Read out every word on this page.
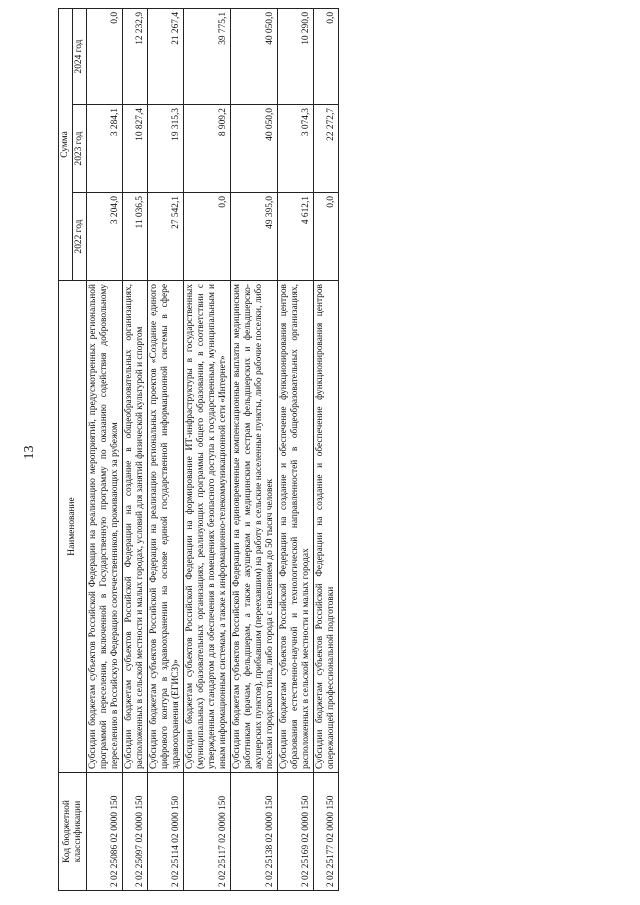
13
Код бюджетной классификации	Наименование	Сумма		
		2022 год	2023 год	2024 год
2 02 25086 02 0000 150	Субсидии бюджетам субъектов Российской Федерации на реализацию мероприятий, предусмотренных региональной программой переселения, включенной в Государственную программу по оказанию содействия добровольному переселению в Российскую Федерацию соотечественников, проживающих за рубежом	3 204,0	3 284,1	0,0
2 02 25097 02 0000 150	Субсидии бюджетам субъектов Российской Федерации на создание в общеобразовательных организациях, расположенных в сельской местности и малых городах, условий для занятий физической культурой и спортом	11 036,5	10 827,4	12 232,9
2 02 25114 02 0000 150	Субсидии бюджетам субъектов Российской Федерации на реализацию региональных проектов «Создание единого цифрового контура в здравоохранении на основе единой государственной информационной системы в сфере здравоохранения (ЕГИСЗ)»	27 542,1	19 315,3	21 267,4
2 02 25117 02 0000 150	Субсидии бюджетам субъектов Российской Федерации на формирование ИТ-инфраструктуры в государственных (муниципальных) образовательных организациях, реализующих программы общего образования, в соответствии с утвержденным стандартом для обеспечения в помещениях безопасного доступа к государственным, муниципальным и иным информационным системам, а также к информационно-телекоммуникационной сети «Интернет»	0,0	8 909,2	39 775,1
2 02 25138 02 0000 150	Субсидии бюджетам субъектов Российской Федерации на единовременные компенсационные выплаты медицинским работникам (врачам, фельдшерам, а также акушеркам и медицинским сестрам фельдшерских и фельдшерско-акушерских пунктов), прибывшим (переехавшим) на работу в сельские населенные пункты, либо рабочие поселки, либо поселки городского типа, либо города с населением до 50 тысяч человек	49 395,0	40 050,0	40 050,0
2 02 25169 02 0000 150	Субсидии бюджетам субъектов Российской Федерации на создание и обеспечение функционирования центров образования естественно-научной и технологической направленностей в общеобразовательных организациях, расположенных в сельской местности и малых городах	4 612,1	3 074,3	10 290,0
2 02 25177 02 0000 150	Субсидии бюджетам субъектов Российской Федерации на создание и обеспечение функционирования центров опережающей профессиональной подготовки	0,0	22 272,7	0,0
